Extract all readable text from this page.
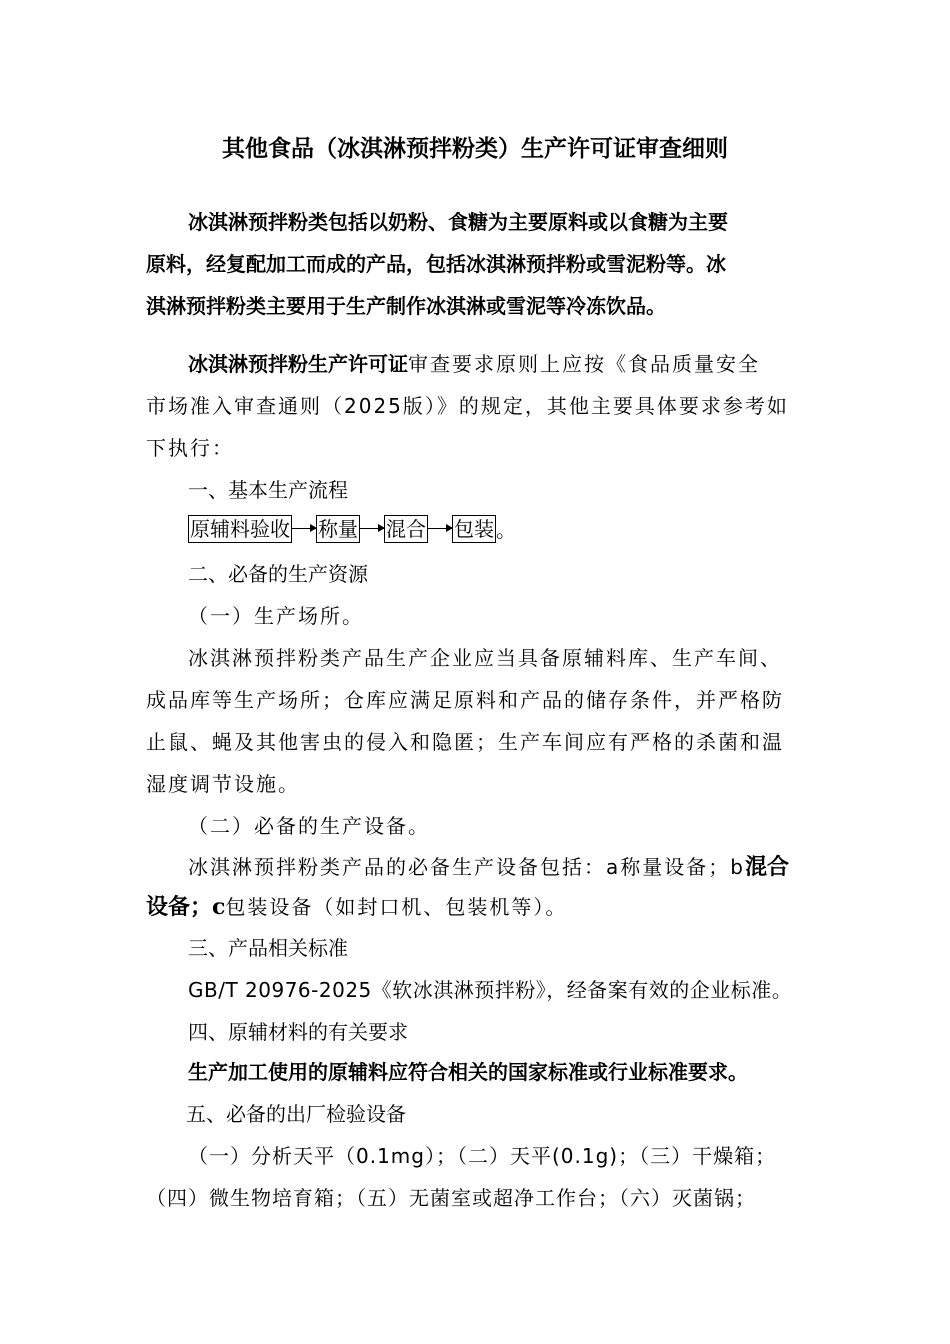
其他食品（冰淇淋预拌粉类）生产许可证审查细则
冰淇淋预拌粉类包括以奶粉、食糖为主要原料或以食糖为主要
原料，经复配加工而成的产品，包括冰淇淋预拌粉或雪泥粉等。冰
淇淋预拌粉类主要用于生产制作冰淇淋或雪泥等冷冻饮品。
冰淇淋预拌粉生产许可证审查要求原则上应按《食品质量安全
市场准入审查通则（2025版）》的规定，其他主要具体要求参考如
下执行：
一、基本生产流程
原辅料验收 称量 混合 包装 。
二、必备的生产资源
（一）生产场所。
冰淇淋预拌粉类产品生产企业应当具备原辅料库、生产车间、
成品库等生产场所；仓库应满足原料和产品的储存条件，并严格防
止鼠、蝇及其他害虫的侵入和隐匿；生产车间应有严格的杀菌和温
湿度调节设施。
（二）必备的生产设备。
冰淇淋预拌粉类产品的必备生产设备包括：a称量设备；b混合
设备；c包装设备（如封口机、包装机等）。
三、产品相关标准
GB/T 20976-2025《软冰淇淋预拌粉》，经备案有效的企业标准。
四、原辅材料的有关要求
生产加工使用的原辅料应符合相关的国家标准或行业标准要求。
五、必备的出厂检验设备
（一）分析天平（0.1mg）；（二）天平(0.1g)；（三）干燥箱；
（四）微生物培育箱；（五）无菌室或超净工作台；（六）灭菌锅；
